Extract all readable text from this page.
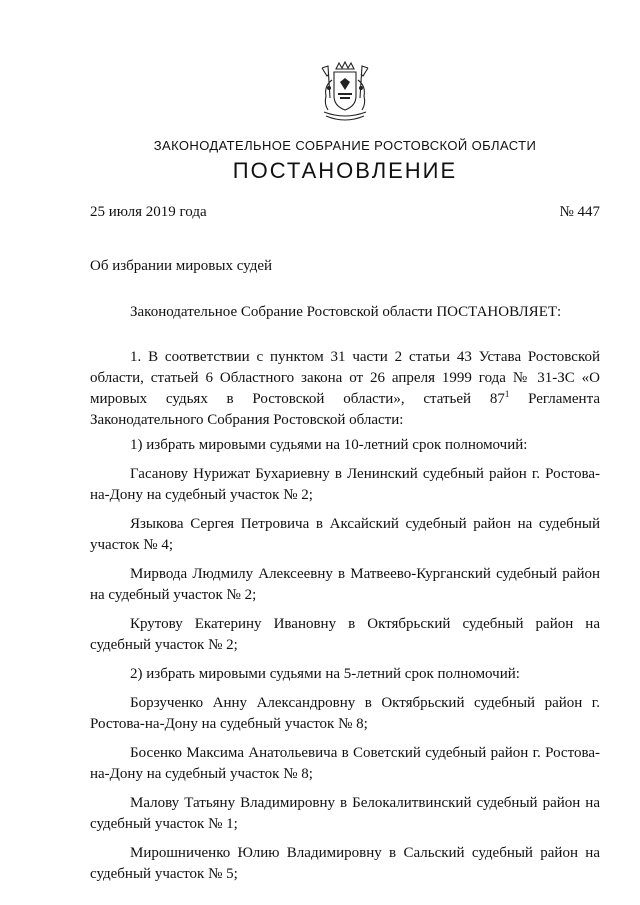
ЗАКОНОДАТЕЛЬНОЕ СОБРАНИЕ РОСТОВСКОЙ ОБЛАСТИ
ПОСТАНОВЛЕНИЕ
25 июля 2019 года	№ 447
Об избрании мировых судей

Законодательное Собрание Ростовской области ПОСТАНОВЛЯЕТ:

1. В соответствии с пунктом 31 части 2 статьи 43 Устава Ростовской области, статьей 6 Областного закона от 26 апреля 1999 года № 31-ЗС «О мировых судьях в Ростовской области», статьей $87^1$ Регламента Законодательного Собрания Ростовской области:

1) избрать мировыми судьями на 10-летний срок полномочий:

Гасанову Нурижат Бухариевну в Ленинский судебный район г. Ростова-на-Дону на судебный участок № 2;

Языкова Сергея Петровича в Аксайский судебный район на судебный участок № 4;

Мирвода Людмилу Алексеевну в Матвеево-Курганский судебный район на судебный участок № 2;

Крутову Екатерину Ивановну в Октябрьский судебный район на судебный участок № 2;

2) избрать мировыми судьями на 5-летний срок полномочий:

Борзученко Анну Александровну в Октябрьский судебный район г. Ростова-на-Дону на судебный участок № 8;

Босенко Максима Анатольевича в Советский судебный район г. Ростова-на-Дону на судебный участок № 8;

Малову Татьяну Владимировну в Белокалитвинский судебный район на судебный участок № 1;

Мирошниченко Юлию Владимировну в Сальский судебный район на судебный участок № 5;
